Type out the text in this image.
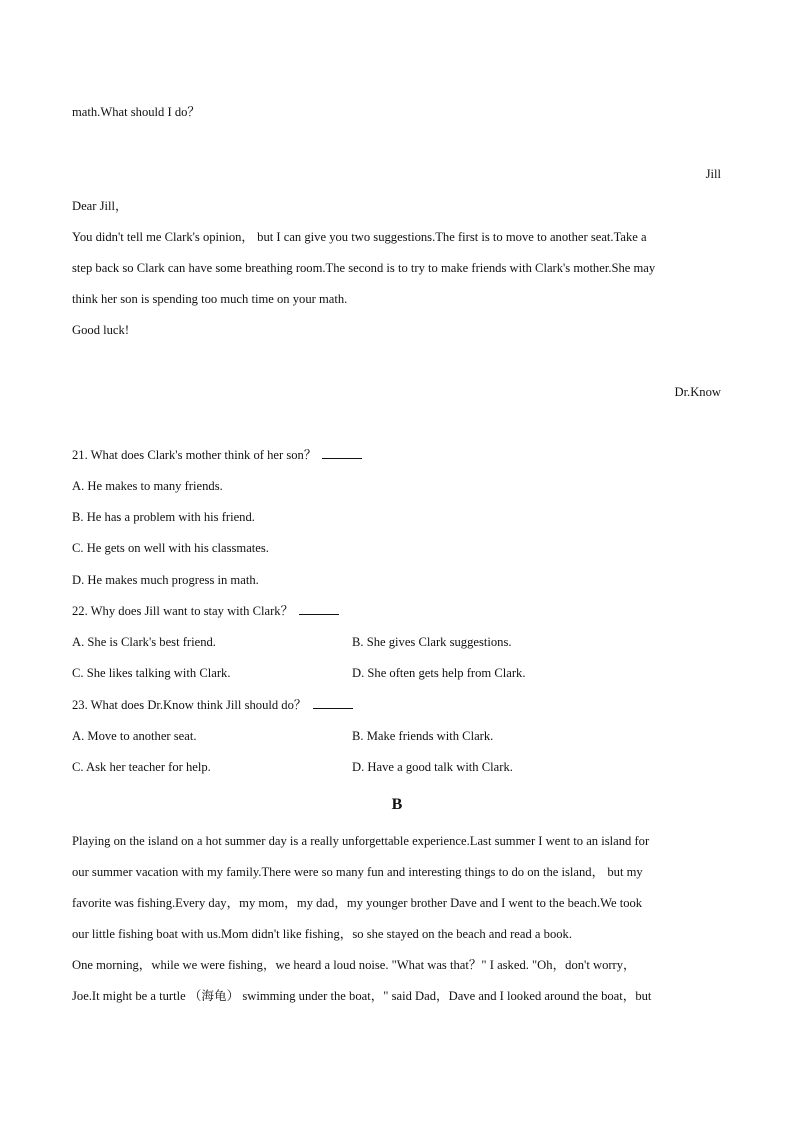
math.What should I do？
Jill
Dear Jill，
You didn't tell me Clark's opinion， but I can give you two suggestions.The first is to move to another seat.Take a
step back so Clark can have some breathing room.The second is to try to make friends with Clark's mother.She may
think her son is spending too much time on your math.
Good luck!
Dr.Know
21. What does Clark's mother think of her son？
A. He makes to many friends.
B. He has a problem with his friend.
C. He gets on well with his classmates.
D. He makes much progress in math.
22. Why does Jill want to stay with Clark？
A. She is Clark's best friend.	B. She gives Clark suggestions.
C. She likes talking with Clark.	D. She often gets help from Clark.
23. What does Dr.Know think Jill should do？
A. Move to another seat.	B. Make friends with Clark.
C. Ask her teacher for help.	D. Have a good talk with Clark.
B
Playing on the island on a hot summer day is a really unforgettable experience.Last summer I went to an island for
our summer vacation with my family.There were so many fun and interesting things to do on the island， but my
favorite was fishing.Every day，my mom，my dad，my younger brother Dave and I went to the beach.We took
our little fishing boat with us.Mom didn't like fishing，so she stayed on the beach and read a book.
One morning，while we were fishing，we heard a loud noise. "What was that？" I asked. "Oh，don't worry，
Joe.It might be a turtle （海龟） swimming under the boat，" said Dad，Dave and I looked around the boat，but
